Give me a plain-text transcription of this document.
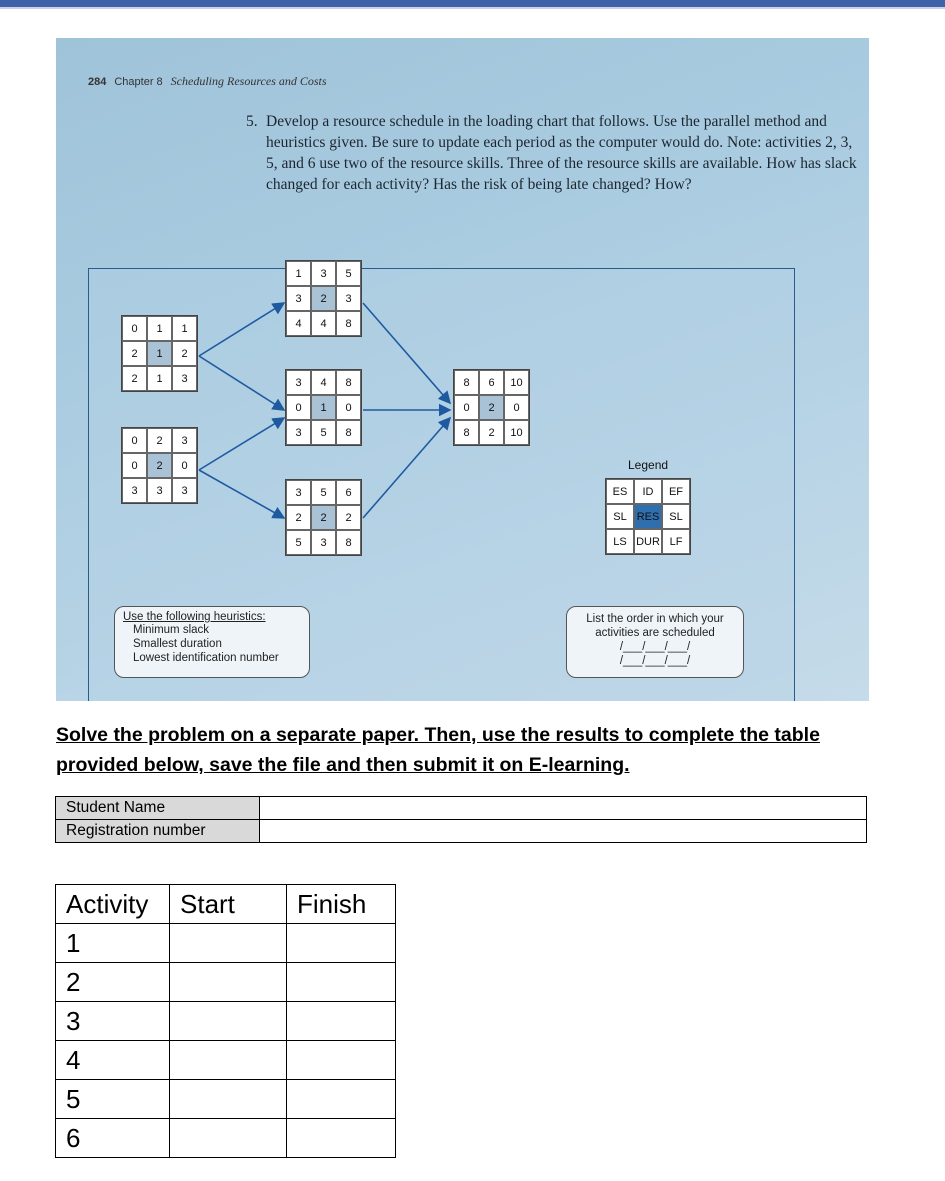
284 Chapter 8 Scheduling Resources and Costs
5. Develop a resource schedule in the loading chart that follows. Use the parallel method and heuristics given. Be sure to update each period as the computer would do. Note: activities 2, 3, 5, and 6 use two of the resource skills. Three of the resource skills are available. How has slack changed for each activity? Has the risk of being late changed? How?
0	1	1
2	1	2
2	1	3
0	2	3
0	2	0
3	3	3
1	3	5
3	2	3
4	4	8
3	4	8
0	1	0
3	5	8
3	5	6
2	2	2
5	3	8
8	6	10
0	2	0
8	2	10
Legend
ES	ID	EF
SL RES SL
LS DUR LF
Use the following heuristics:
Minimum slack
Smallest duration
Lowest identification number
List the order in which your activities are scheduled
/___/___/___/
/___/___/___/
Solve the problem on a separate paper. Then, use the results to complete the table provided below, save the file and then submit it on E-learning.
Student Name	
Registration number	
Activity	Start	Finish
1		
2		
3		
4		
5		
6		
